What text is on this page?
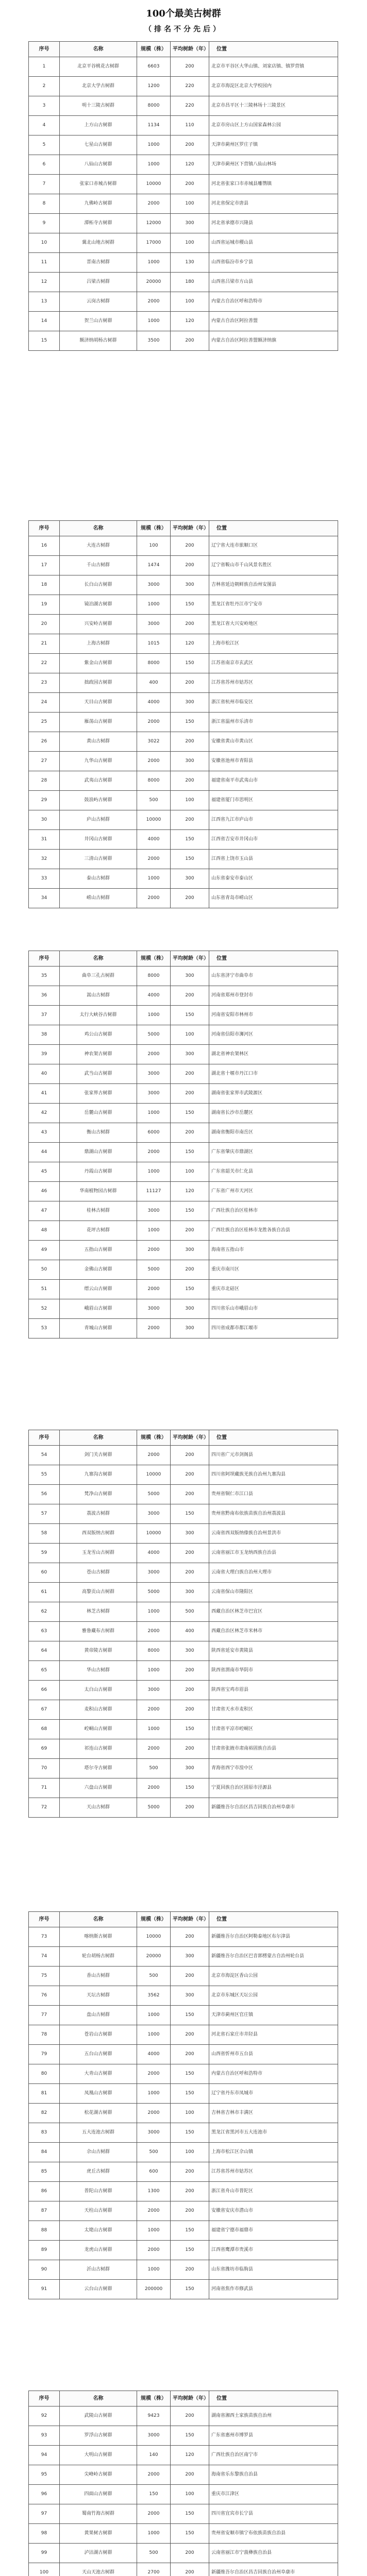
100个最美古树群
（排名不分先后）
序号	名称	规模（株）	平均树龄（年）	位置
1	北京平谷桃花古树群	6603	200	北京市平谷区大华山镇、刘家店镇、镇罗营镇
2	北京大学古树群	1200	220	北京市海淀区北京大学校园内
3	明十三陵古树群	8000	220	北京市昌平区十三陵林场十三陵景区
4	上方山古树群	1134	110	北京市房山区上方山国家森林公园
5	七星山古树群	1000	200	天津市蓟州区罗庄子镇
6	八仙山古树群	1000	120	天津市蓟州区下营镇八仙山林场
7	张家口赤城古树群	10000	200	河北省张家口市赤城县雕鹗镇
8	九佛岭古树群	2000	100	河北省保定市唐县
9	潭柘寺古树群	12000	300	河北省承德市兴隆县
10	冀北山地古树群	17000	100	山西省运城市稷山县
11	晋南古树群	1000	130	山西省临汾市乡宁县
12	吕梁古树群	20000	180	山西省吕梁市方山县
13	云岗古树群	2000	100	内蒙古自治区呼和浩特市
14	贺兰山古树群	1000	120	内蒙古自治区阿拉善盟
15	额济纳胡杨古树群	3500	200	内蒙古自治区阿拉善盟额济纳旗
序号	名称	规模（株）	平均树龄（年）	位置
16	大连古树群	100	200	辽宁省大连市旅顺口区
17	千山古树群	1474	200	辽宁省鞍山市千山风景名胜区
18	长白山古树群	3000	300	吉林省延边朝鲜族自治州安图县
19	镜泊湖古树群	1000	150	黑龙江省牡丹江市宁安市
20	兴安岭古树群	3000	200	黑龙江省大兴安岭地区
21	上海古树群	1015	120	上海市松江区
22	紫金山古树群	8000	150	江苏省南京市玄武区
23	拙政园古树群	400	200	江苏省苏州市姑苏区
24	天目山古树群	4000	300	浙江省杭州市临安区
25	雁荡山古树群	2000	150	浙江省温州市乐清市
26	黄山古树群	3022	200	安徽省黄山市黄山区
27	九华山古树群	2000	300	安徽省池州市青阳县
28	武夷山古树群	8000	200	福建省南平市武夷山市
29	鼓浪屿古树群	500	100	福建省厦门市思明区
30	庐山古树群	10000	200	江西省九江市庐山市
31	井冈山古树群	4000	150	江西省吉安市井冈山市
32	三清山古树群	2000	150	江西省上饶市玉山县
33	泰山古树群	1000	300	山东省泰安市泰山区
34	崂山古树群	2000	200	山东省青岛市崂山区
序号	名称	规模（株）	平均树龄（年）	位置
35	曲阜三孔古树群	8000	300	山东省济宁市曲阜市
36	嵩山古树群	4000	200	河南省郑州市登封市
37	太行大峡谷古树群	1000	150	河南省安阳市林州市
38	鸡公山古树群	5000	100	河南省信阳市浉河区
39	神农架古树群	2000	300	湖北省神农架林区
40	武当山古树群	3000	200	湖北省十堰市丹江口市
41	张家界古树群	3000	200	湖南省张家界市武陵源区
42	岳麓山古树群	1000	150	湖南省长沙市岳麓区
43	衡山古树群	6000	200	湖南省衡阳市南岳区
44	鼎湖山古树群	2000	150	广东省肇庆市鼎湖区
45	丹霞山古树群	1000	100	广东省韶关市仁化县
46	华南植物园古树群	11127	120	广东省广州市天河区
47	桂林古树群	3000	150	广西壮族自治区桂林市
48	花坪古树群	1000	200	广西壮族自治区桂林市龙胜各族自治县
49	五指山古树群	2000	300	海南省五指山市
50	金佛山古树群	5000	200	重庆市南川区
51	缙云山古树群	2000	150	重庆市北碚区
52	峨眉山古树群	3000	300	四川省乐山市峨眉山市
53	青城山古树群	2000	300	四川省成都市都江堰市
序号	名称	规模（株）	平均树龄（年）	位置
54	剑门关古树群	2000	200	四川省广元市剑阁县
55	九寨沟古树群	10000	200	四川省阿坝藏族羌族自治州九寨沟县
56	梵净山古树群	5000	200	贵州省铜仁市江口县
57	荔波古树群	3000	150	贵州省黔南布依族苗族自治州荔波县
58	西双版纳古树群	10000	300	云南省西双版纳傣族自治州景洪市
59	玉龙雪山古树群	4000	200	云南省丽江市玉龙纳西族自治县
60	苍山古树群	3000	200	云南省大理白族自治州大理市
61	高黎贡山古树群	5000	300	云南省保山市隆阳区
62	林芝古树群	1000	500	西藏自治区林芝市巴宜区
63	雅鲁藏布古树群	2000	400	西藏自治区林芝市米林市
64	黄帝陵古树群	8000	300	陕西省延安市黄陵县
65	华山古树群	1000	200	陕西省渭南市华阴市
66	太白山古树群	3000	200	陕西省宝鸡市眉县
67	麦积山古树群	2000	200	甘肃省天水市麦积区
68	崆峒山古树群	1000	150	甘肃省平凉市崆峒区
69	祁连山古树群	2000	200	甘肃省张掖市肃南裕固族自治县
70	塔尔寺古树群	500	300	青海省西宁市湟中区
71	六盘山古树群	2000	150	宁夏回族自治区固原市泾源县
72	天山古树群	5000	200	新疆维吾尔自治区昌吉回族自治州阜康市
序号	名称	规模（株）	平均树龄（年）	位置
73	喀纳斯古树群	10000	200	新疆维吾尔自治区阿勒泰地区布尔津县
74	轮台胡杨古树群	20000	300	新疆维吾尔自治区巴音郭楞蒙古自治州轮台县
75	香山古树群	500	200	北京市海淀区香山公园
76	天坛古树群	3562	300	北京市东城区天坛公园
77	盘山古树群	1000	150	天津市蓟州区官庄镇
78	苍岩山古树群	1000	200	河北省石家庄市井陉县
79	五台山古树群	4000	200	山西省忻州市五台县
80	大青山古树群	2000	150	内蒙古自治区呼和浩特市
81	凤凰山古树群	1000	150	辽宁省丹东市凤城市
82	松花湖古树群	2000	100	吉林省吉林市丰满区
83	五大连池古树群	3000	150	黑龙江省黑河市五大连池市
84	佘山古树群	500	100	上海市松江区佘山镇
85	虎丘古树群	600	200	江苏省苏州市姑苏区
86	普陀山古树群	1300	200	浙江省舟山市普陀区
87	天柱山古树群	2000	200	安徽省安庆市潜山市
88	太姥山古树群	1000	150	福建省宁德市福鼎市
89	龙虎山古树群	2000	150	江西省鹰潭市贵溪市
90	沂山古树群	1000	200	山东省潍坊市临朐县
91	云台山古树群	200000	150	河南省焦作市修武县
序号	名称	规模（株）	平均树龄（年）	位置
92	武陵山古树群	9423	200	湖南省湘西土家族苗族自治州
93	罗浮山古树群	3000	150	广东省惠州市博罗县
94	大明山古树群	140	120	广西壮族自治区南宁市
95	尖峰岭古树群	2000	200	海南省乐东黎族自治县
96	四面山古树群	150	100	重庆市江津区
97	蜀南竹海古树群	2000	150	四川省宜宾市长宁县
98	黄果树古树群	1000	150	贵州省安顺市镇宁布依族苗族自治县
99	泸沽湖古树群	500	200	云南省丽江市宁蒗彝族自治县
100	天山天池古树群	2700	200	新疆维吾尔自治区昌吉回族自治州阜康市
